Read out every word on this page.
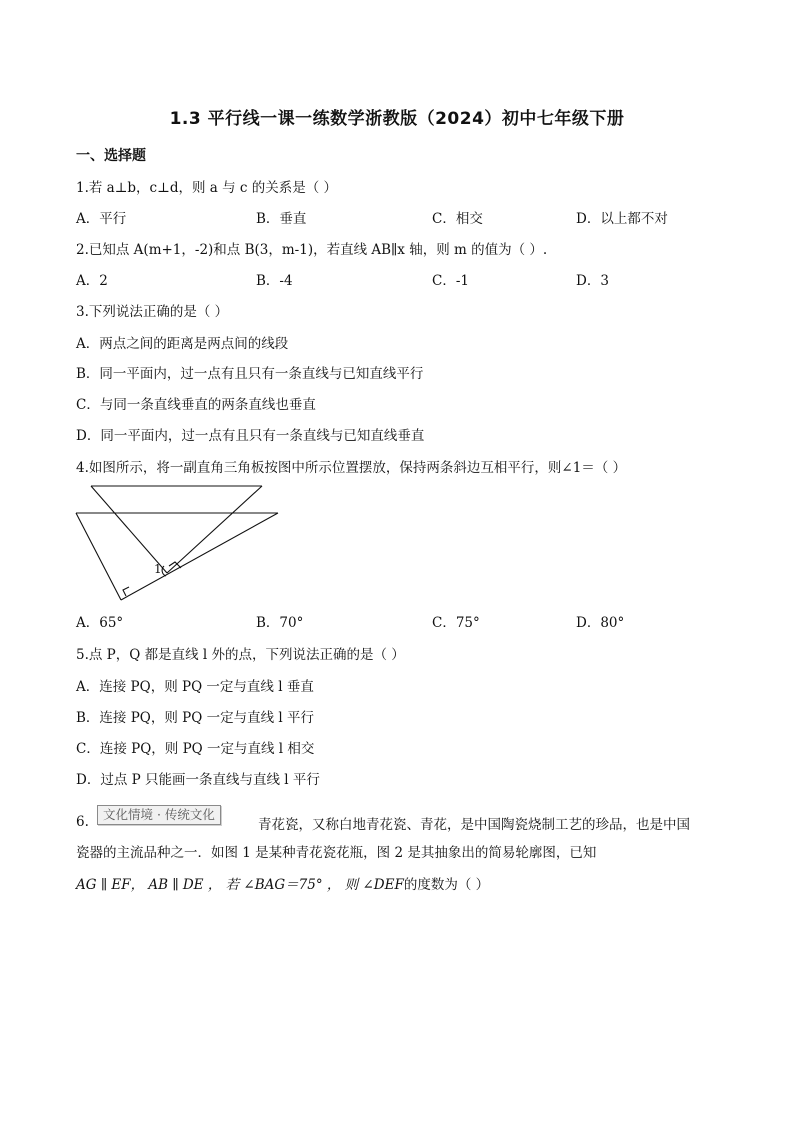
1.3 平行线一课一练数学浙教版（2024）初中七年级下册
一、选择题
1.若 a⊥b，c⊥d，则 a 与 c 的关系是（ ）
A．平行	B．垂直	C．相交	D．以上都不对
2.已知点 A(m+1，-2)和点 B(3，m-1)，若直线 AB∥x 轴，则 m 的值为（ ）.
A．2	B．-4	C．-1	D．3
3.下列说法正确的是（ ）
A．两点之间的距离是两点间的线段
B．同一平面内，过一点有且只有一条直线与已知直线平行
C．与同一条直线垂直的两条直线也垂直
D．同一平面内，过一点有且只有一条直线与已知直线垂直
4.如图所示，将一副直角三角板按图中所示位置摆放，保持两条斜边互相平行，则∠1＝（ ）
1
A．65°	B．70°	C．75°	D．80°
5.点 P，Q 都是直线 l 外的点，下列说法正确的是（ ）
A．连接 PQ，则 PQ 一定与直线 l 垂直
B．连接 PQ，则 PQ 一定与直线 l 平行
C．连接 PQ，则 PQ 一定与直线 l 相交
D．过点 P 只能画一条直线与直线 l 平行
6.	文化情境 · 传统文化
青花瓷，又称白地青花瓷、青花，是中国陶瓷烧制工艺的珍品，也是中国
瓷器的主流品种之一．如图 1 是某种青花瓷花瓶，图 2 是其抽象出的简易轮廓图，已知
AG ∥ EF， AB ∥ DE ， 若 ∠BAG＝75° ， 则 ∠DEF的度数为（ ）
